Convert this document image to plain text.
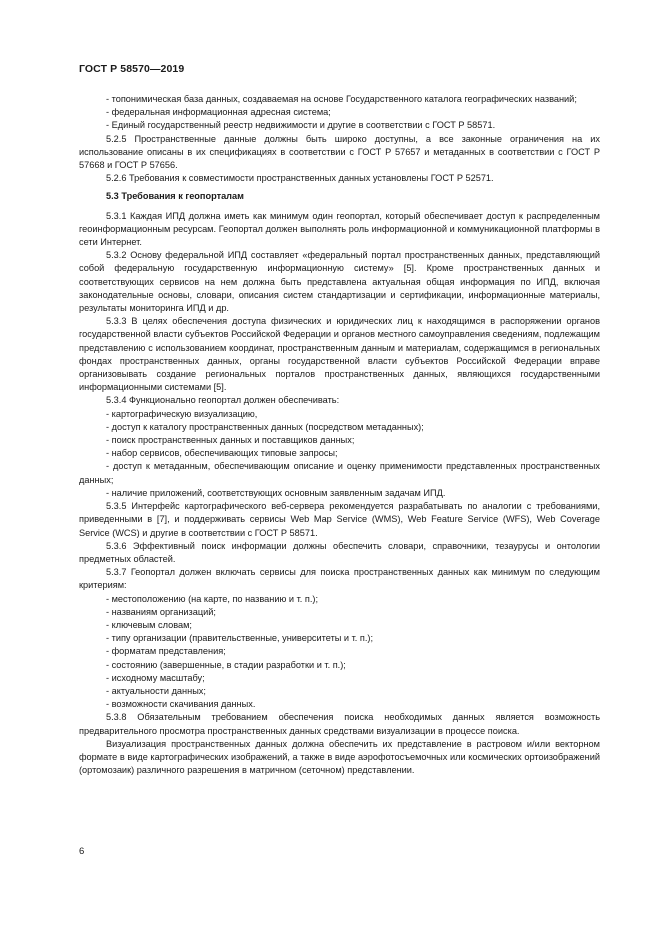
ГОСТ Р 58570—2019

- топонимическая база данных, создаваемая на основе Государственного каталога географических названий;

- федеральная информационная адресная система;

- Единый государственный реестр недвижимости и другие в соответствии с ГОСТ Р 58571.

5.2.5 Пространственные данные должны быть широко доступны, а все законные ограничения на их использование описаны в их спецификациях в соответствии с ГОСТ Р 57657 и метаданных в соответствии с ГОСТ Р 57668 и ГОСТ Р 57656.

5.2.6 Требования к совместимости пространственных данных установлены ГОСТ Р 52571.

5.3 Требования к геопорталам

5.3.1 Каждая ИПД должна иметь как минимум один геопортал, который обеспечивает доступ к распределенным геоинформационным ресурсам. Геопортал должен выполнять роль информационной и коммуникационной платформы в сети Интернет.

5.3.2 Основу федеральной ИПД составляет «федеральный портал пространственных данных, представляющий собой федеральную государственную информационную систему» [5]. Кроме пространственных данных и соответствующих сервисов на нем должна быть представлена актуальная общая информация по ИПД, включая законодательные основы, словари, описания систем стандартизации и сертификации, информационные материалы, результаты мониторинга ИПД и др.

5.3.3 В целях обеспечения доступа физических и юридических лиц к находящимся в распоряжении органов государственной власти субъектов Российской Федерации и органов местного самоуправления сведениям, подлежащим представлению с использованием координат, пространственным данным и материалам, содержащимся в региональных фондах пространственных данных, органы государственной власти субъектов Российской Федерации вправе организовывать создание региональных порталов пространственных данных, являющихся государственными информационными системами [5].

5.3.4 Функционально геопортал должен обеспечивать:

- картографическую визуализацию,

- доступ к каталогу пространственных данных (посредством метаданных);

- поиск пространственных данных и поставщиков данных;

- набор сервисов, обеспечивающих типовые запросы;

- доступ к метаданным, обеспечивающим описание и оценку применимости представленных пространственных данных;

- наличие приложений, соответствующих основным заявленным задачам ИПД.

5.3.5 Интерфейс картографического веб-сервера рекомендуется разрабатывать по аналогии с требованиями, приведенными в [7], и поддерживать сервисы Web Map Service (WMS), Web Feature Service (WFS), Web Coverage Service (WCS) и другие в соответствии с ГОСТ Р 58571.

5.3.6 Эффективный поиск информации должны обеспечить словари, справочники, тезаурусы и онтологии предметных областей.

5.3.7 Геопортал должен включать сервисы для поиска пространственных данных как минимум по следующим критериям:

- местоположению (на карте, по названию и т. п.);

- названиям организаций;

- ключевым словам;

- типу организации (правительственные, университеты и т. п.);

- форматам представления;

- состоянию (завершенные, в стадии разработки и т. п.);

- исходному масштабу;

- актуальности данных;

- возможности скачивания данных.

5.3.8 Обязательным требованием обеспечения поиска необходимых данных является возможность предварительного просмотра пространственных данных средствами визуализации в процессе поиска.

Визуализация пространственных данных должна обеспечить их представление в растровом и/или векторном формате в виде картографических изображений, а также в виде аэрофотосъемочных или космических ортоизображений (ортомозаик) различного разрешения в матричном (сеточном) представлении.

6
